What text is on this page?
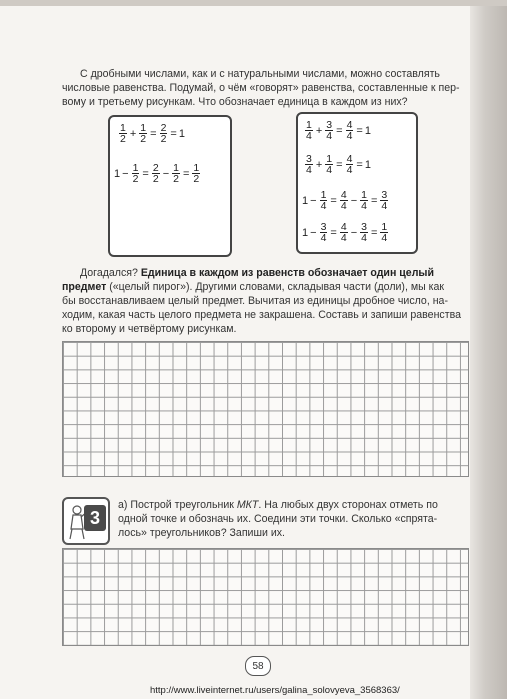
С дробными числами, как и с натуральными числами, можно составлять

числовые равенства. Подумай, о чём «говорят» равенства, составленные к пер-

вому и третьему рисункам. Что обозначает единица в каждом из них?

$\frac{1}{2} + \frac{1}{2} = \frac{2}{2} = 1$
$1 - \frac{1}{2} = \frac{2}{2} - \frac{1}{2} = \frac{1}{2}$
$\frac{1}{4} + \frac{3}{4} = \frac{4}{4} = 1$
$\frac{3}{4} + \frac{1}{4} = \frac{4}{4} = 1$
$1 - \frac{1}{4} = \frac{4}{4} - \frac{1}{4} = \frac{3}{4}$
$1 - \frac{3}{4} = \frac{4}{4} - \frac{3}{4} = \frac{1}{4}$

Догадался? Единица в каждом из равенств обозначает один целый

предмет («целый пирог»). Другими словами, складывая части (доли), мы как

бы восстанавливаем целый предмет. Вычитая из единицы дробное число, на-

ходим, какая часть целого предмета не закрашена. Составь и запиши равенства

ко второму и четвёртому рисункам.

3

а) Построй треугольник МКТ. На любых двух сторонах отметь по

одной точке и обозначь их. Соедини эти точки. Сколько «спрята-

лось» треугольников? Запиши их.

58
http://www.liveinternet.ru/users/galina_solovyeva_3568363/
